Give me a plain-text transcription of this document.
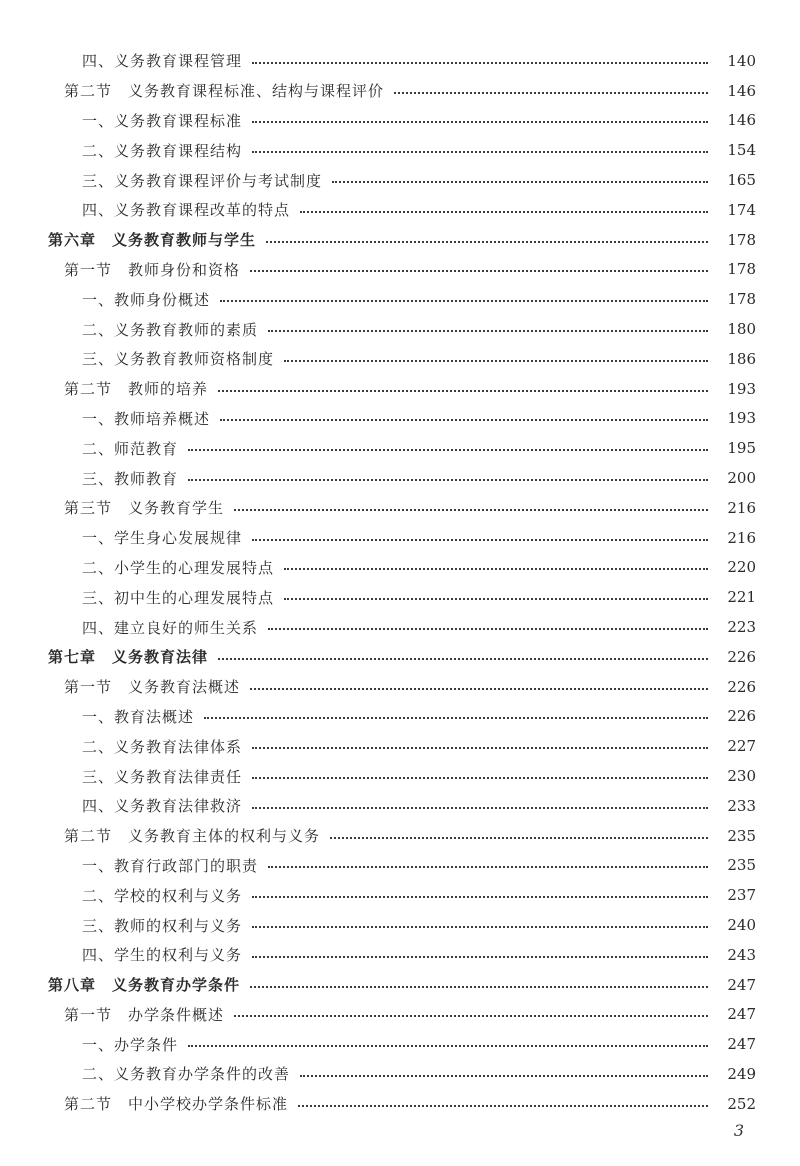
四、义务教育课程管理	140
第二节　义务教育课程标准、结构与课程评价	146
一、义务教育课程标准	146
二、义务教育课程结构	154
三、义务教育课程评价与考试制度	165
四、义务教育课程改革的特点	174
第六章　义务教育教师与学生	178
第一节　教师身份和资格	178
一、教师身份概述	178
二、义务教育教师的素质	180
三、义务教育教师资格制度	186
第二节　教师的培养	193
一、教师培养概述	193
二、师范教育	195
三、教师教育	200
第三节　义务教育学生	216
一、学生身心发展规律	216
二、小学生的心理发展特点	220
三、初中生的心理发展特点	221
四、建立良好的师生关系	223
第七章　义务教育法律	226
第一节　义务教育法概述	226
一、教育法概述	226
二、义务教育法律体系	227
三、义务教育法律责任	230
四、义务教育法律救济	233
第二节　义务教育主体的权利与义务	235
一、教育行政部门的职责	235
二、学校的权利与义务	237
三、教师的权利与义务	240
四、学生的权利与义务	243
第八章　义务教育办学条件	247
第一节　办学条件概述	247
一、办学条件	247
二、义务教育办学条件的改善	249
第二节　中小学校办学条件标准	252
3
